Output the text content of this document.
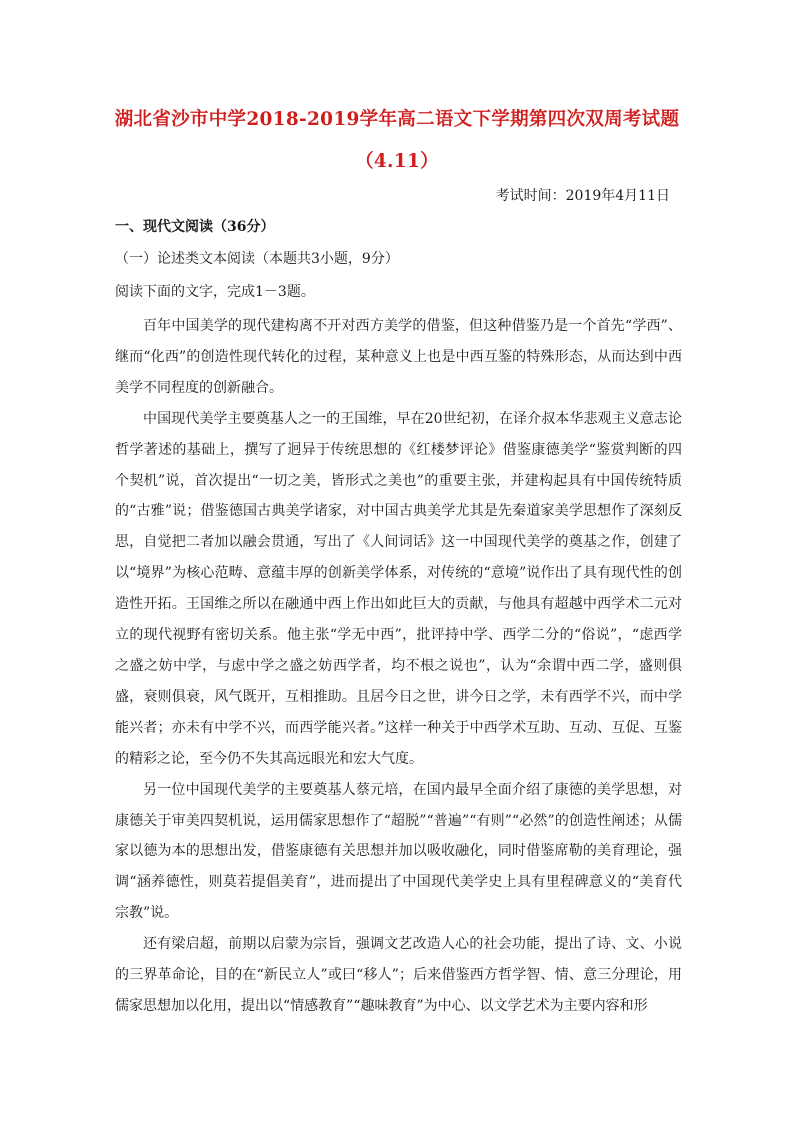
湖北省沙市中学2018-2019学年高二语文下学期第四次双周考试题
（4.11）
考试时间：2019年4月11日
一、现代文阅读（36分）
（一）论述类文本阅读（本题共3小题，9分）
阅读下面的文字，完成1－3题。

百年中国美学的现代建构离不开对西方美学的借鉴，但这种借鉴乃是一个首先“学西”、继而“化西”的创造性现代转化的过程，某种意义上也是中西互鉴的特殊形态，从而达到中西美学不同程度的创新融合。

中国现代美学主要奠基人之一的王国维，早在20世纪初，在译介叔本华悲观主义意志论哲学著述的基础上，撰写了迥异于传统思想的《红楼梦评论》借鉴康德美学“鉴赏判断的四个契机”说，首次提出“一切之美，皆形式之美也”的重要主张，并建构起具有中国传统特质的“古雅”说；借鉴德国古典美学诸家，对中国古典美学尤其是先秦道家美学思想作了深刻反思，自觉把二者加以融会贯通，写出了《人间词话》这一中国现代美学的奠基之作，创建了以“境界”为核心范畴、意蕴丰厚的创新美学体系，对传统的“意境”说作出了具有现代性的创造性开拓。王国维之所以在融通中西上作出如此巨大的贡献，与他具有超越中西学术二元对立的现代视野有密切关系。他主张“学无中西”，批评持中学、西学二分的“俗说”，“虑西学之盛之妨中学，与虑中学之盛之妨西学者，均不根之说也”，认为“余谓中西二学，盛则俱盛，衰则俱衰，风气既开，互相推助。且居今日之世，讲今日之学，未有西学不兴，而中学能兴者；亦未有中学不兴，而西学能兴者。”这样一种关于中西学术互助、互动、互促、互鉴的精彩之论，至今仍不失其高远眼光和宏大气度。

另一位中国现代美学的主要奠基人蔡元培，在国内最早全面介绍了康德的美学思想，对康德关于审美四契机说，运用儒家思想作了“超脱”“普遍”“有则”“必然”的创造性阐述；从儒家以德为本的思想出发，借鉴康德有关思想并加以吸收融化，同时借鉴席勒的美育理论，强调“涵养德性，则莫若提倡美育”，进而提出了中国现代美学史上具有里程碑意义的“美育代宗教”说。

还有梁启超，前期以启蒙为宗旨，强调文艺改造人心的社会功能，提出了诗、文、小说的三界革命论，目的在“新民立人”或曰“移人”；后来借鉴西方哲学智、情、意三分理论，用儒家思想加以化用，提出以“情感教育”“趣味教育”为中心、以文学艺术为主要内容和形
